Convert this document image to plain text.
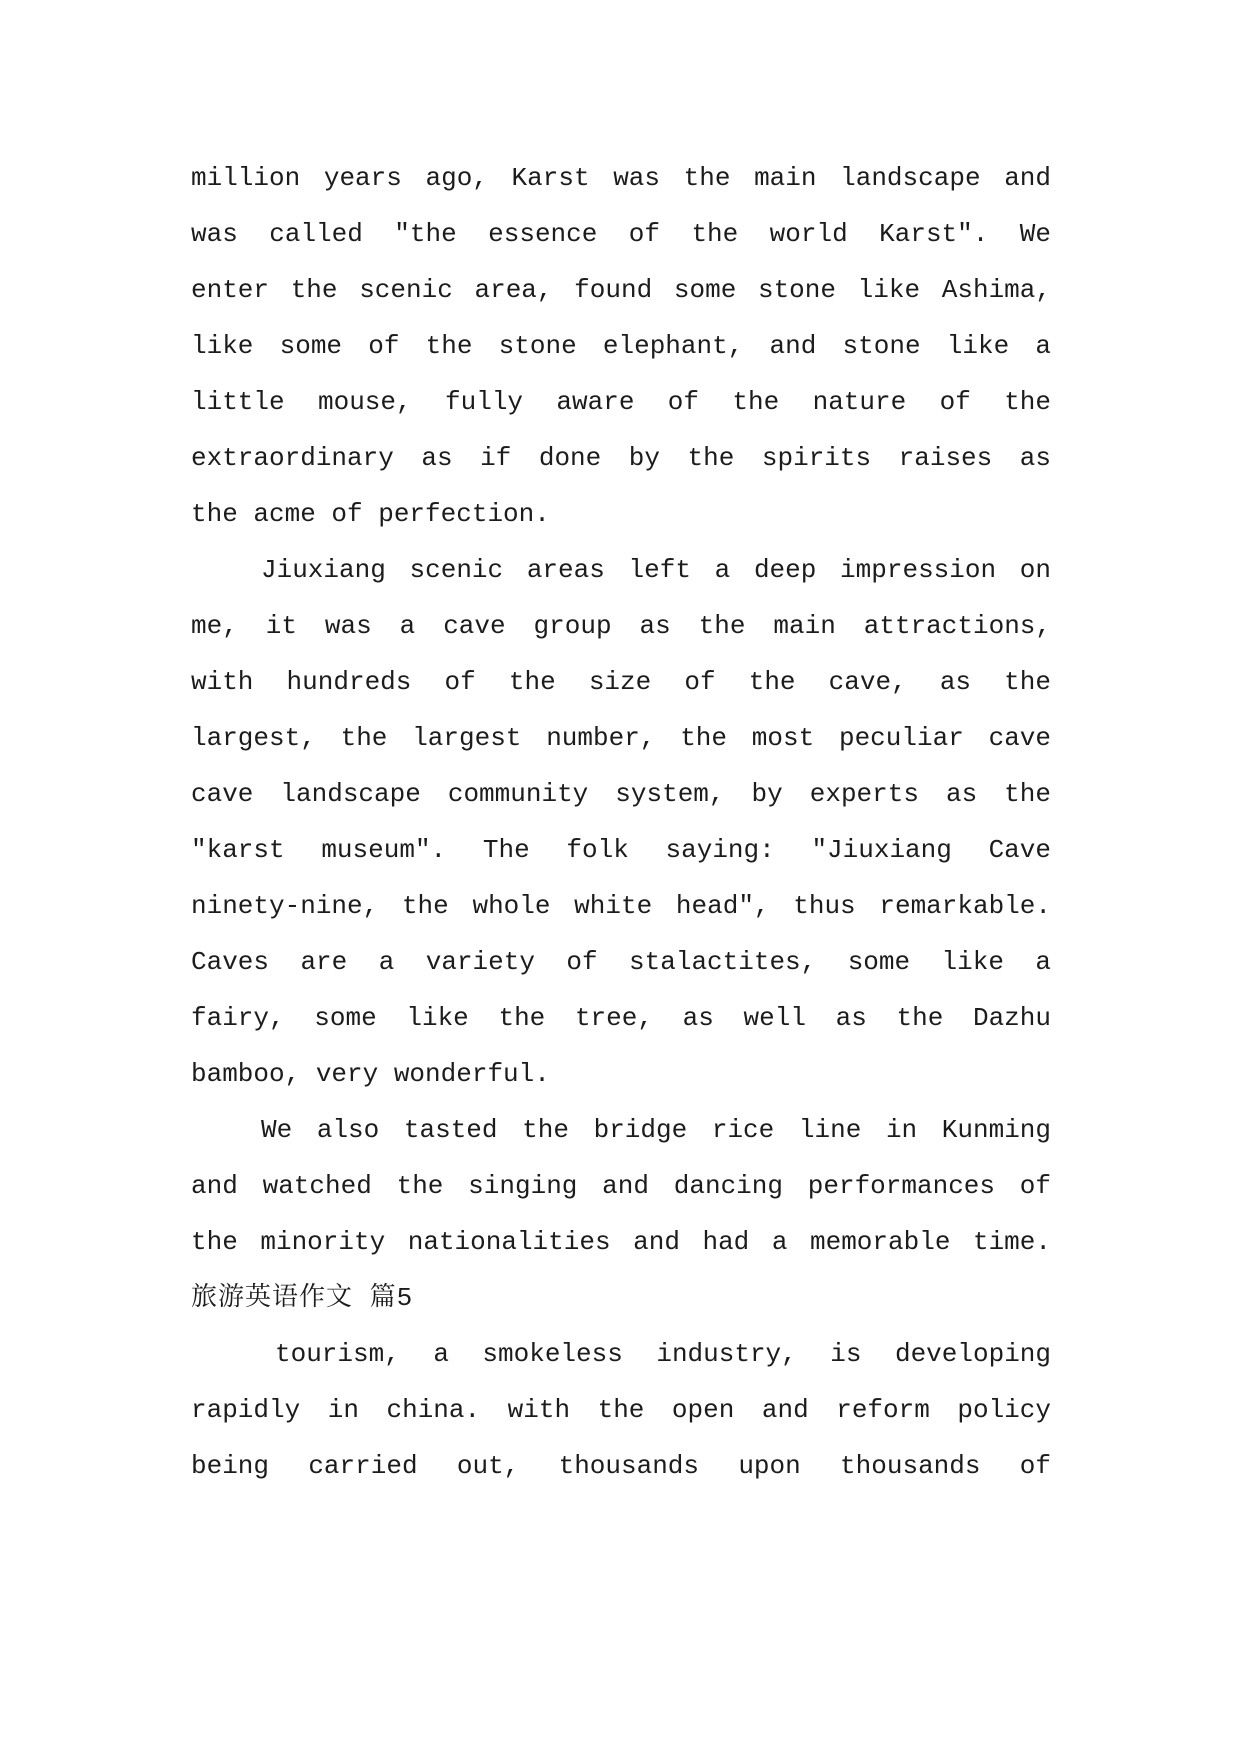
million years ago, Karst was the main landscape and
was called "the essence of the world Karst". We
enter the scenic area, found some stone like Ashima,
like some of the stone elephant, and stone like a
little mouse, fully aware of the nature of the
extraordinary as if done by the spirits raises as
the acme of perfection.
Jiuxiang scenic areas left a deep impression on
me, it was a cave group as the main attractions,
with hundreds of the size of the cave, as the
largest, the largest number, the most peculiar cave
cave landscape community system, by experts as the
"karst museum". The folk saying: "Jiuxiang Cave
ninety-nine, the whole white head", thus remarkable.
Caves are a variety of stalactites, some like a
fairy, some like the tree, as well as the Dazhu
bamboo, very wonderful.
We also tasted the bridge rice line in Kunming
and watched the singing and dancing performances of
the minority nationalities and had a memorable time.
旅游英语作文 篇5
tourism, a smokeless industry, is developing
rapidly in china. with the open and reform policy
being carried out, thousands upon thousands of
